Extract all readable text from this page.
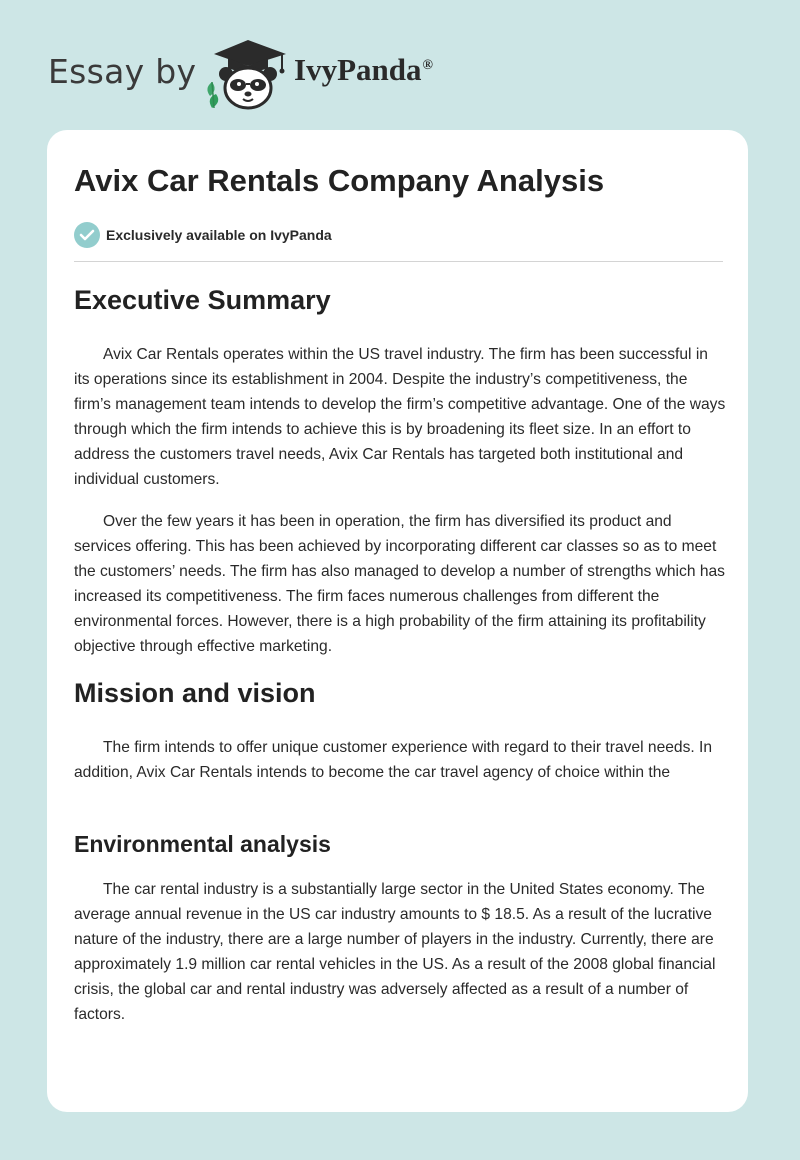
Essay by	IvyPanda®
Avix Car Rentals Company Analysis
Exclusively available on IvyPanda
Executive Summary

Avix Car Rentals operates within the US travel industry. The firm has been successful in its operations since its establishment in 2004. Despite the industry’s competitiveness, the firm’s management team intends to develop the firm’s competitive advantage. One of the ways through which the firm intends to achieve this is by broadening its fleet size. In an effort to address the customers travel needs, Avix Car Rentals has targeted both institutional and individual customers.

Over the few years it has been in operation, the firm has diversified its product and services offering. This has been achieved by incorporating different car classes so as to meet the customers’ needs. The firm has also managed to develop a number of strengths which has increased its competitiveness. The firm faces numerous challenges from different the environmental forces. However, there is a high probability of the firm attaining its profitability objective through effective marketing.

Mission and vision

The firm intends to offer unique customer experience with regard to their travel needs. In addition, Avix Car Rentals intends to become the car travel agency of choice within the

Environmental analysis

The car rental industry is a substantially large sector in the United States economy. The average annual revenue in the US car industry amounts to $ 18.5. As a result of the lucrative nature of the industry, there are a large number of players in the industry. Currently, there are approximately 1.9 million car rental vehicles in the US. As a result of the 2008 global financial crisis, the global car and rental industry was adversely affected as a result of a number of factors.
